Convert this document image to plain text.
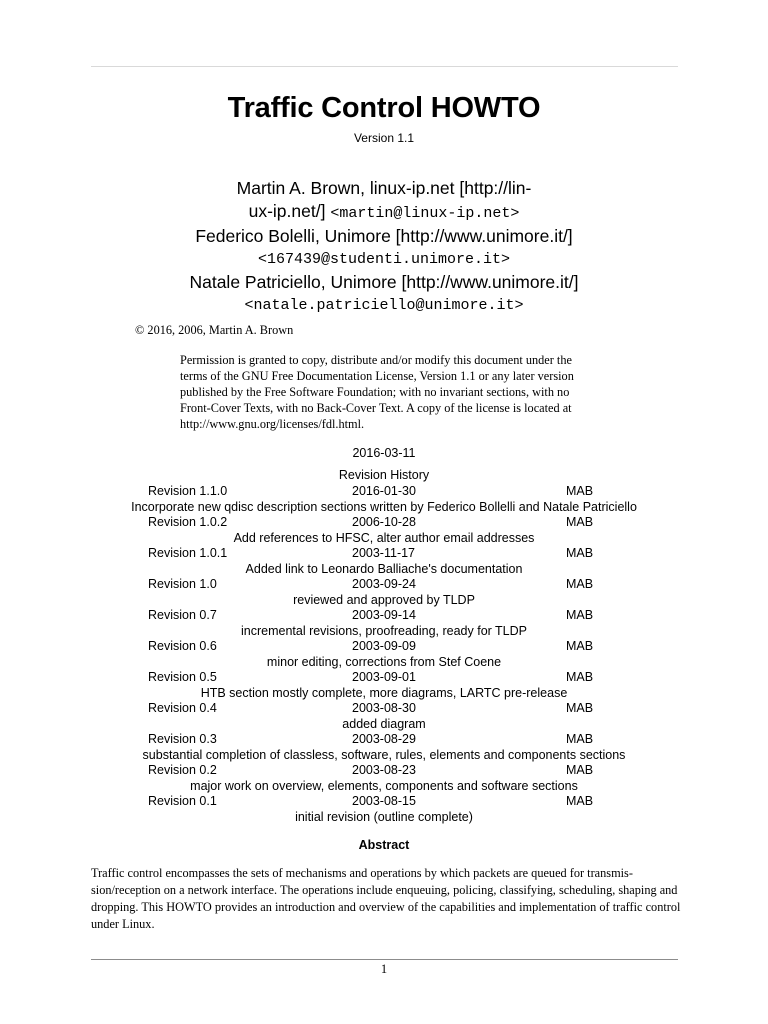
Traffic Control HOWTO
Version 1.1
Martin A. Brown, linux-ip.net [http://lin-
ux-ip.net/] <martin@linux-ip.net>
Federico Bolelli, Unimore [http://www.unimore.it/]
<167439@studenti.unimore.it>
Natale Patriciello, Unimore [http://www.unimore.it/]
<natale.patriciello@unimore.it>
© 2016, 2006, Martin A. Brown
Permission is granted to copy, distribute and/or modify this document under the terms of the GNU Free Documentation License, Version 1.1 or any later version published by the Free Software Foundation; with no invariant sections, with no Front-Cover Texts, with no Back-Cover Text. A copy of the license is located at http://www.gnu.org/licenses/fdl.html.
2016-03-11
Revision History
Revision 1.1.0	2016-01-30	MAB
Incorporate new qdisc description sections written by Federico Bollelli and Natale Patriciello
Revision 1.0.2	2006-10-28	MAB
Add references to HFSC, alter author email addresses
Revision 1.0.1	2003-11-17	MAB
Added link to Leonardo Balliache's documentation
Revision 1.0	2003-09-24	MAB
reviewed and approved by TLDP
Revision 0.7	2003-09-14	MAB
incremental revisions, proofreading, ready for TLDP
Revision 0.6	2003-09-09	MAB
minor editing, corrections from Stef Coene
Revision 0.5	2003-09-01	MAB
HTB section mostly complete, more diagrams, LARTC pre-release
Revision 0.4	2003-08-30	MAB
added diagram
Revision 0.3	2003-08-29	MAB
substantial completion of classless, software, rules, elements and components sections
Revision 0.2	2003-08-23	MAB
major work on overview, elements, components and software sections
Revision 0.1	2003-08-15	MAB
initial revision (outline complete)
Abstract
Traffic control encompasses the sets of mechanisms and operations by which packets are queued for transmission/reception on a network interface. The operations include enqueuing, policing, classifying, scheduling, shaping and dropping. This HOWTO provides an introduction and overview of the capabilities and implementation of traffic control under Linux.
1
